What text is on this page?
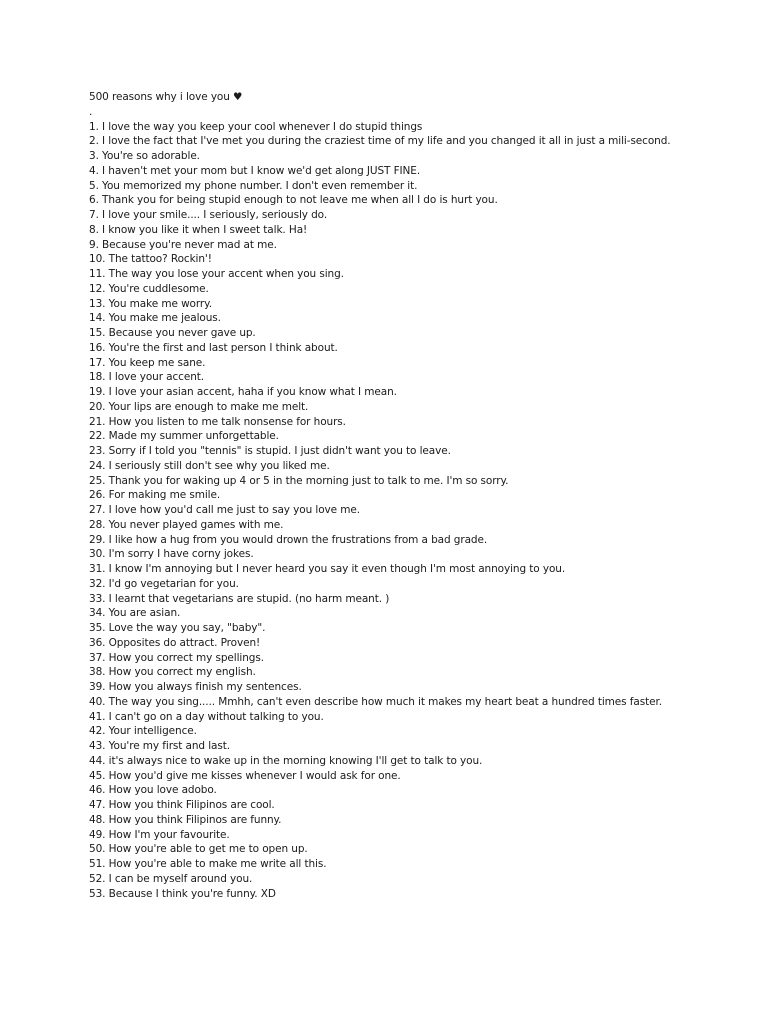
500 reasons why i love you ♥
.
1. I love the way you keep your cool whenever I do stupid things
2. I love the fact that I've met you during the craziest time of my life and you changed it all in just a mili-second.
3. You're so adorable.
4. I haven't met your mom but I know we'd get along JUST FINE.
5. You memorized my phone number. I don't even remember it.
6. Thank you for being stupid enough to not leave me when all I do is hurt you.
7. I love your smile.... I seriously, seriously do.
8. I know you like it when I sweet talk. Ha!
9. Because you're never mad at me.
10. The tattoo? Rockin'!
11. The way you lose your accent when you sing.
12. You're cuddlesome.
13. You make me worry.
14. You make me jealous.
15. Because you never gave up.
16. You're the first and last person I think about.
17. You keep me sane.
18. I love your accent.
19. I love your asian accent, haha if you know what I mean.
20. Your lips are enough to make me melt.
21. How you listen to me talk nonsense for hours.
22. Made my summer unforgettable.
23. Sorry if I told you "tennis" is stupid. I just didn't want you to leave.
24. I seriously still don't see why you liked me.
25. Thank you for waking up 4 or 5 in the morning just to talk to me. I'm so sorry.
26. For making me smile.
27. I love how you'd call me just to say you love me.
28. You never played games with me.
29. I like how a hug from you would drown the frustrations from a bad grade.
30. I'm sorry I have corny jokes.
31. I know I'm annoying but I never heard you say it even though I'm most annoying to you.
32. I'd go vegetarian for you.
33. I learnt that vegetarians are stupid. (no harm meant. )
34. You are asian.
35. Love the way you say, "baby".
36. Opposites do attract. Proven!
37. How you correct my spellings.
38. How you correct my english.
39. How you always finish my sentences.
40. The way you sing..... Mmhh, can't even describe how much it makes my heart beat a hundred times faster.
41. I can't go on a day without talking to you.
42. Your intelligence.
43. You're my first and last.
44. it's always nice to wake up in the morning knowing I'll get to talk to you.
45. How you'd give me kisses whenever I would ask for one.
46. How you love adobo.
47. How you think Filipinos are cool.
48. How you think Filipinos are funny.
49. How I'm your favourite.
50. How you're able to get me to open up.
51. How you're able to make me write all this.
52. I can be myself around you.
53. Because I think you're funny. XD
